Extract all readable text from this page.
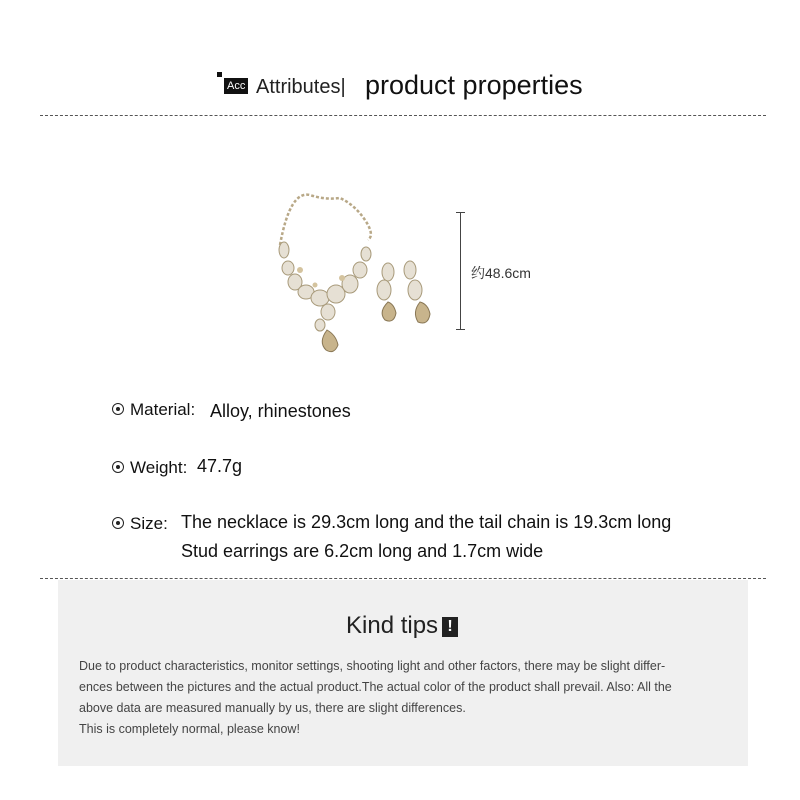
Acc Attributes| product properties
约48.6cm
Material: Alloy, rhinestones
Weight: 47.7g
Size: The necklace is 29.3cm long and the tail chain is 19.3cm long
Stud earrings are 6.2cm long and 1.7cm wide
Kind tips !
Due to product characteristics, monitor settings, shooting light and other factors, there may be slight differ-
ences between the pictures and the actual product.The actual color of the product shall prevail. Also: All the
above data are measured manually by us, there are slight differences.
This is completely normal, please know!
